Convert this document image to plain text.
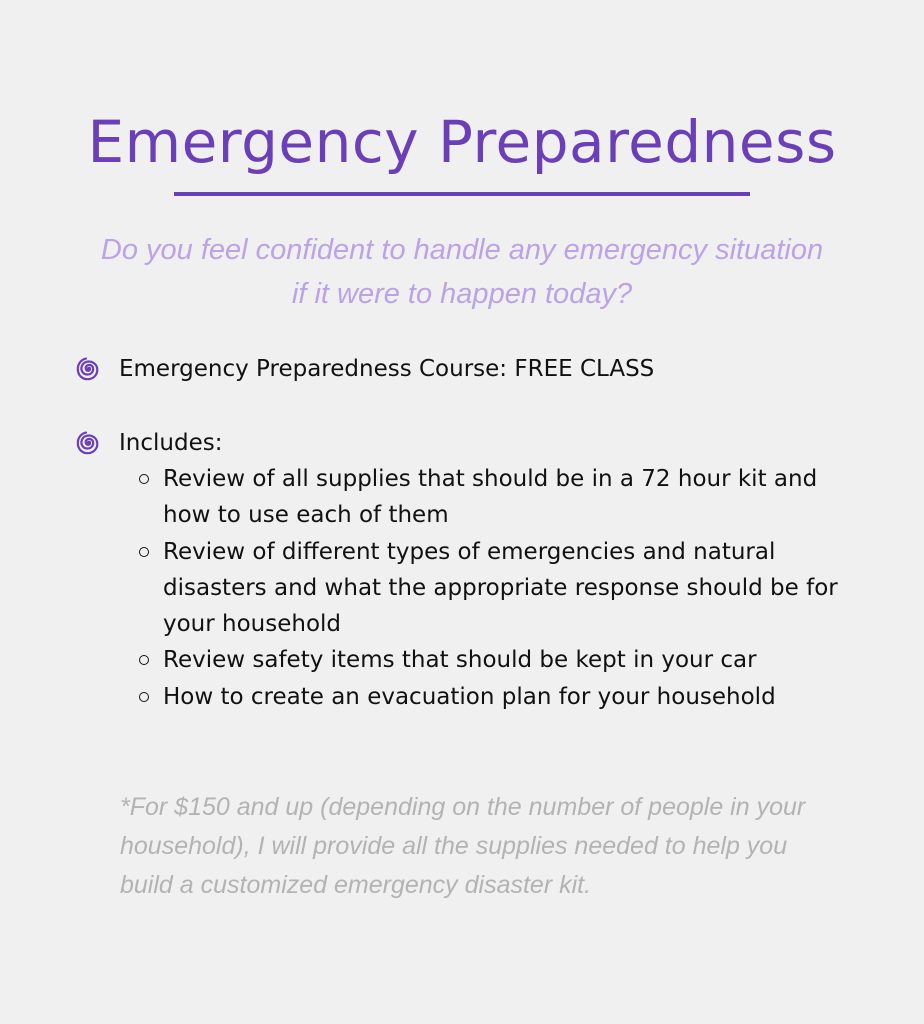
Emergency Preparedness
Do you feel confident to handle any emergency situation if it were to happen today?
Emergency Preparedness Course: FREE CLASS
Includes:
Review of all supplies that should be in a 72 hour kit and how to use each of them
Review of different types of emergencies and natural disasters and what the appropriate response should be for your household
Review safety items that should be kept in your car
How to create an evacuation plan for your household
*For $150 and up (depending on the number of people in your household), I will provide all the supplies needed to help you build a customized emergency disaster kit.
